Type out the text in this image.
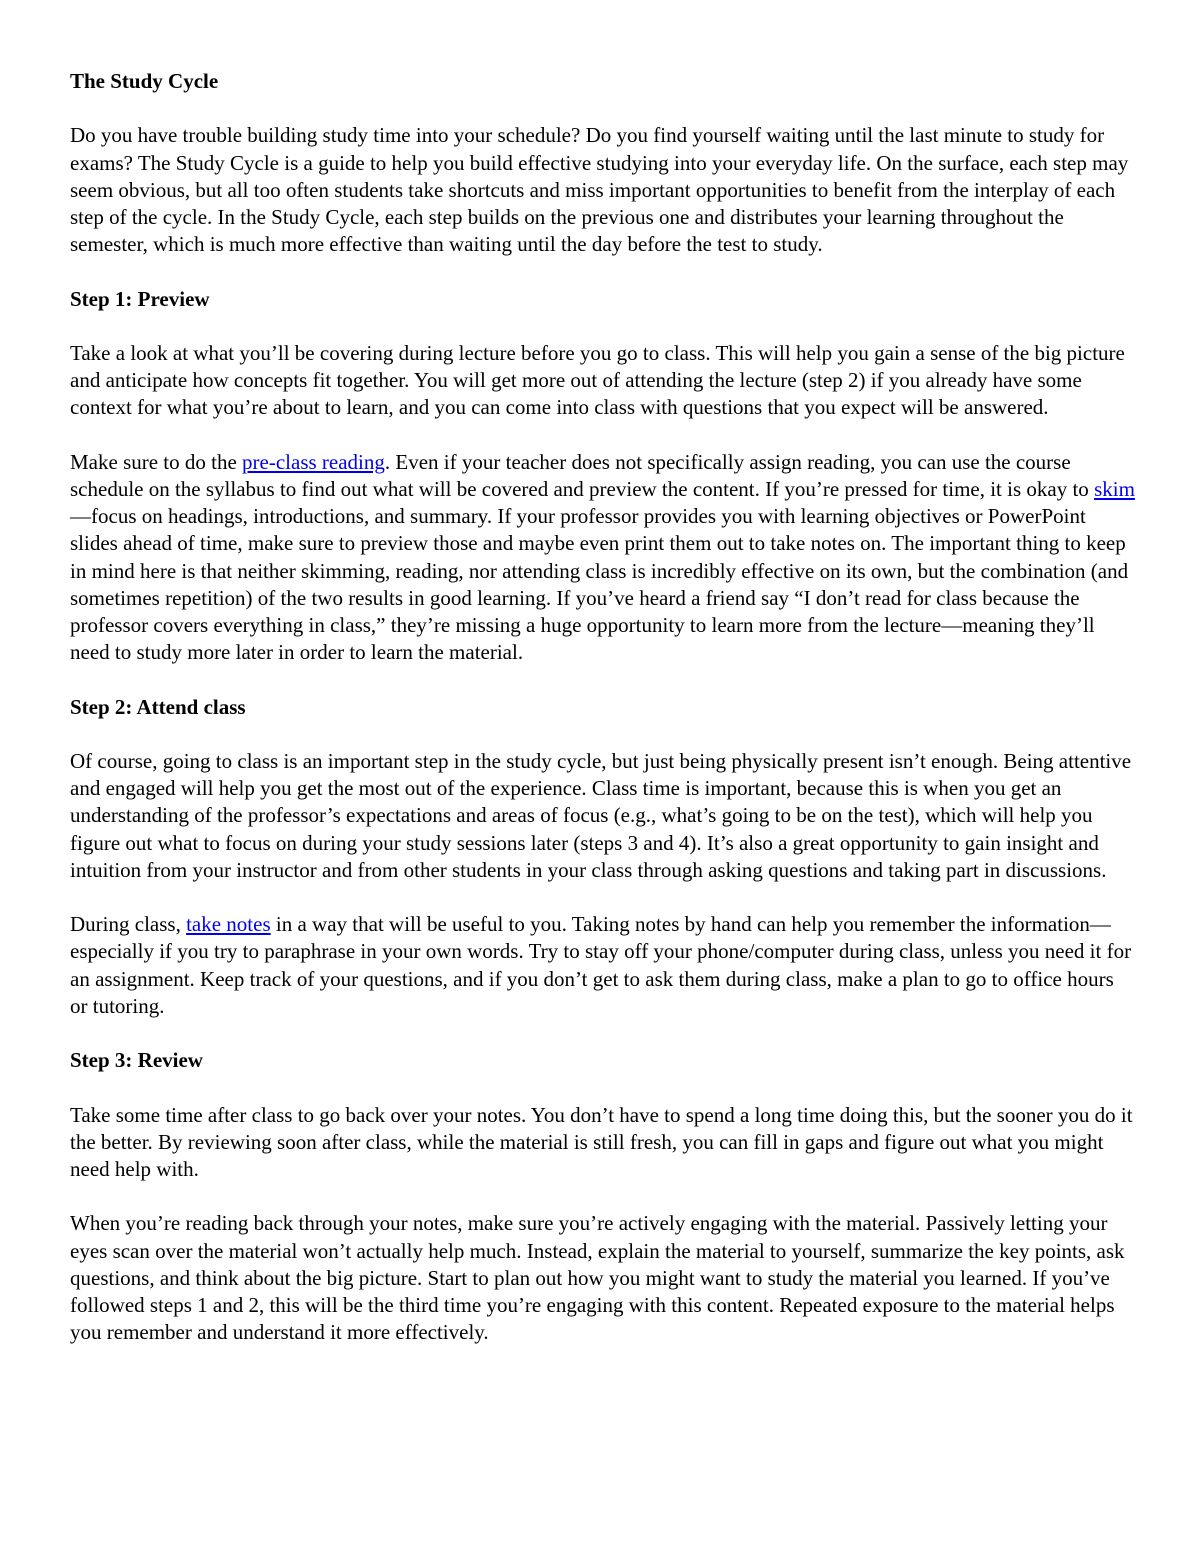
The Study Cycle

Do you have trouble building study time into your schedule? Do you find yourself waiting until the last minute to study for exams? The Study Cycle is a guide to help you build effective studying into your everyday life. On the surface, each step may seem obvious, but all too often students take shortcuts and miss important opportunities to benefit from the interplay of each step of the cycle. In the Study Cycle, each step builds on the previous one and distributes your learning throughout the semester, which is much more effective than waiting until the day before the test to study.

Step 1: Preview

Take a look at what you’ll be covering during lecture before you go to class. This will help you gain a sense of the big picture and anticipate how concepts fit together. You will get more out of attending the lecture (step 2) if you already have some context for what you’re about to learn, and you can come into class with questions that you expect will be answered.

Make sure to do the pre-class reading. Even if your teacher does not specifically assign reading, you can use the course schedule on the syllabus to find out what will be covered and preview the content. If you’re pressed for time, it is okay to skim—focus on headings, introductions, and summary. If your professor provides you with learning objectives or PowerPoint slides ahead of time, make sure to preview those and maybe even print them out to take notes on. The important thing to keep in mind here is that neither skimming, reading, nor attending class is incredibly effective on its own, but the combination (and sometimes repetition) of the two results in good learning. If you’ve heard a friend say “I don’t read for class because the professor covers everything in class,” they’re missing a huge opportunity to learn more from the lecture—meaning they’ll need to study more later in order to learn the material.

Step 2: Attend class

Of course, going to class is an important step in the study cycle, but just being physically present isn’t enough. Being attentive and engaged will help you get the most out of the experience. Class time is important, because this is when you get an understanding of the professor’s expectations and areas of focus (e.g., what’s going to be on the test), which will help you figure out what to focus on during your study sessions later (steps 3 and 4). It’s also a great opportunity to gain insight and intuition from your instructor and from other students in your class through asking questions and taking part in discussions.

During class, take notes in a way that will be useful to you. Taking notes by hand can help you remember the information—especially if you try to paraphrase in your own words. Try to stay off your phone/computer during class, unless you need it for an assignment. Keep track of your questions, and if you don’t get to ask them during class, make a plan to go to office hours or tutoring.

Step 3: Review

Take some time after class to go back over your notes. You don’t have to spend a long time doing this, but the sooner you do it the better. By reviewing soon after class, while the material is still fresh, you can fill in gaps and figure out what you might need help with.

When you’re reading back through your notes, make sure you’re actively engaging with the material. Passively letting your eyes scan over the material won’t actually help much. Instead, explain the material to yourself, summarize the key points, ask questions, and think about the big picture. Start to plan out how you might want to study the material you learned. If you’ve followed steps 1 and 2, this will be the third time you’re engaging with this content. Repeated exposure to the material helps you remember and understand it more effectively.
